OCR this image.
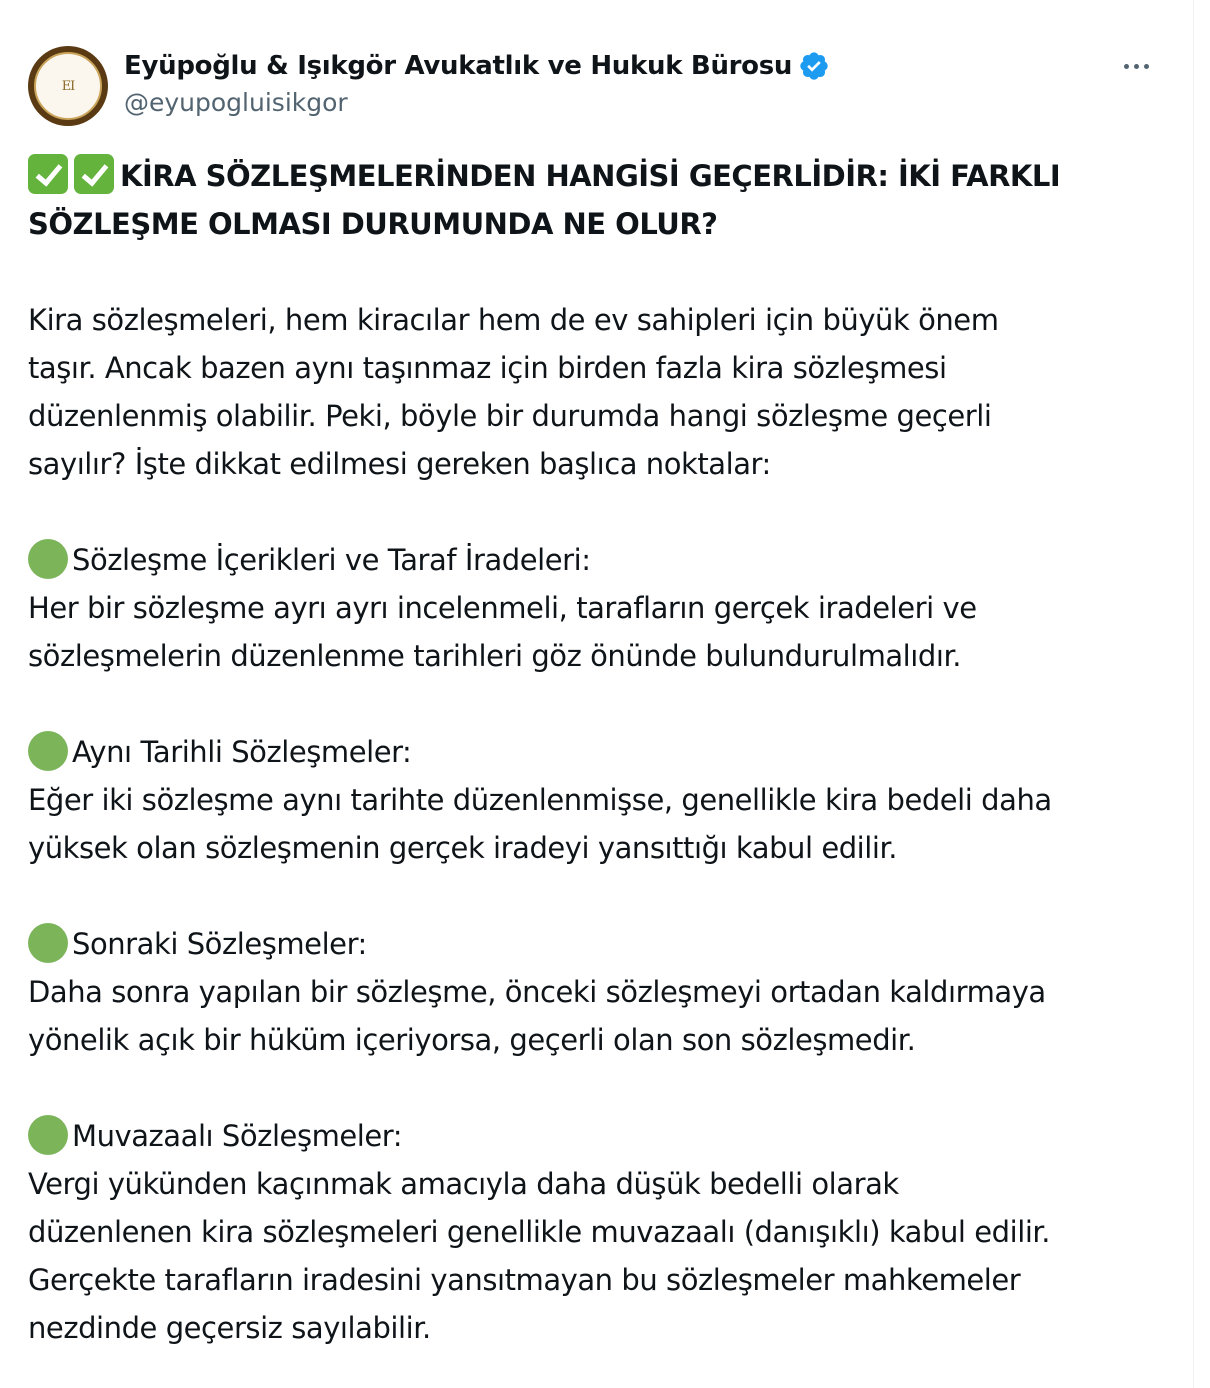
EI
Eyüpoğlu & Işıkgör Avukatlık ve Hukuk Bürosu
@eyupogluisikgor
KİRA SÖZLEŞMELERİNDEN HANGİSİ GEÇERLİDİR: İKİ FARKLI
SÖZLEŞME OLMASI DURUMUNDA NE OLUR?
Kira sözleşmeleri, hem kiracılar hem de ev sahipleri için büyük önem
taşır. Ancak bazen aynı taşınmaz için birden fazla kira sözleşmesi
düzenlenmiş olabilir. Peki, böyle bir durumda hangi sözleşme geçerli
sayılır? İşte dikkat edilmesi gereken başlıca noktalar:
Sözleşme İçerikleri ve Taraf İradeleri:
Her bir sözleşme ayrı ayrı incelenmeli, tarafların gerçek iradeleri ve
sözleşmelerin düzenlenme tarihleri göz önünde bulundurulmalıdır.
Aynı Tarihli Sözleşmeler:
Eğer iki sözleşme aynı tarihte düzenlenmişse, genellikle kira bedeli daha
yüksek olan sözleşmenin gerçek iradeyi yansıttığı kabul edilir.
Sonraki Sözleşmeler:
Daha sonra yapılan bir sözleşme, önceki sözleşmeyi ortadan kaldırmaya
yönelik açık bir hüküm içeriyorsa, geçerli olan son sözleşmedir.
Muvazaalı Sözleşmeler:
Vergi yükünden kaçınmak amacıyla daha düşük bedelli olarak
düzenlenen kira sözleşmeleri genellikle muvazaalı (danışıklı) kabul edilir.
Gerçekte tarafların iradesini yansıtmayan bu sözleşmeler mahkemeler
nezdinde geçersiz sayılabilir.
